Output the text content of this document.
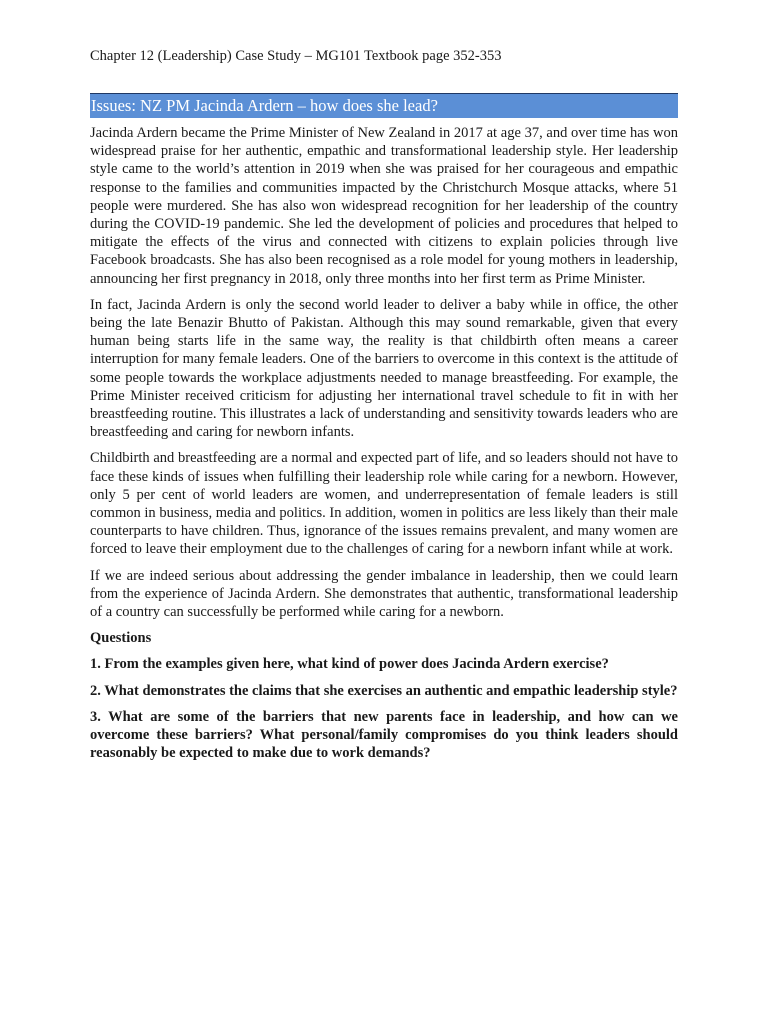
Chapter 12 (Leadership) Case Study – MG101 Textbook page 352-353
Issues: NZ PM Jacinda Ardern – how does she lead?

Jacinda Ardern became the Prime Minister of New Zealand in 2017 at age 37, and over time has won widespread praise for her authentic, empathic and transformational leadership style. Her leadership style came to the world’s attention in 2019 when she was praised for her courageous and empathic response to the families and communities impacted by the Christchurch Mosque attacks, where 51 people were murdered. She has also won widespread recognition for her leadership of the country during the COVID-19 pandemic. She led the development of policies and procedures that helped to mitigate the effects of the virus and connected with citizens to explain policies through live Facebook broadcasts. She has also been recognised as a role model for young mothers in leadership, announcing her first pregnancy in 2018, only three months into her first term as Prime Minister.

In fact, Jacinda Ardern is only the second world leader to deliver a baby while in office, the other being the late Benazir Bhutto of Pakistan. Although this may sound remarkable, given that every human being starts life in the same way, the reality is that childbirth often means a career interruption for many female leaders. One of the barriers to overcome in this context is the attitude of some people towards the workplace adjustments needed to manage breastfeeding. For example, the Prime Minister received criticism for adjusting her international travel schedule to fit in with her breastfeeding routine. This illustrates a lack of understanding and sensitivity towards leaders who are breastfeeding and caring for newborn infants.

Childbirth and breastfeeding are a normal and expected part of life, and so leaders should not have to face these kinds of issues when fulfilling their leadership role while caring for a newborn. However, only 5 per cent of world leaders are women, and underrepresentation of female leaders is still common in business, media and politics. In addition, women in politics are less likely than their male counterparts to have children. Thus, ignorance of the issues remains prevalent, and many women are forced to leave their employment due to the challenges of caring for a newborn infant while at work.

If we are indeed serious about addressing the gender imbalance in leadership, then we could learn from the experience of Jacinda Ardern. She demonstrates that authentic, transformational leadership of a country can successfully be performed while caring for a newborn.

Questions

1. From the examples given here, what kind of power does Jacinda Ardern exercise?

2. What demonstrates the claims that she exercises an authentic and empathic leadership style?

3. What are some of the barriers that new parents face in leadership, and how can we overcome these barriers? What personal/family compromises do you think leaders should reasonably be expected to make due to work demands?
